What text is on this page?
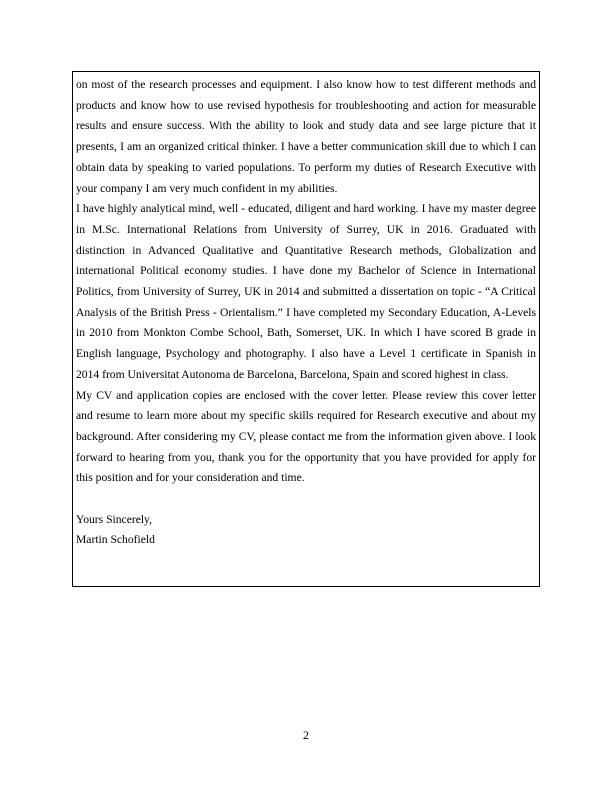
on most of the research processes and equipment. I also know how to test different methods and products and know how to use revised hypothesis for troubleshooting and action for measurable results and ensure success. With the ability to look and study data and see large picture that it presents, I am an organized critical thinker. I have a better communication skill due to which I can obtain data by speaking to varied populations. To perform my duties of Research Executive with your company I am very much confident in my abilities.

I have highly analytical mind, well - educated, diligent and hard working. I have my master degree in M.Sc. International Relations from University of Surrey, UK in 2016. Graduated with distinction in Advanced Qualitative and Quantitative Research methods, Globalization and international Political economy studies. I have done my Bachelor of Science in International Politics, from University of Surrey, UK in 2014 and submitted a dissertation on topic - “A Critical Analysis of the British Press - Orientalism.” I have completed my Secondary Education, A-Levels in 2010 from Monkton Combe School, Bath, Somerset, UK. In which I have scored B grade in English language, Psychology and photography. I also have a Level 1 certificate in Spanish in 2014 from Universitat Autonoma de Barcelona, Barcelona, Spain and scored highest in class.

My CV and application copies are enclosed with the cover letter. Please review this cover letter and resume to learn more about my specific skills required for Research executive and about my background. After considering my CV, please contact me from the information given above. I look forward to hearing from you, thank you for the opportunity that you have provided for apply for this position and for your consideration and time.

Yours Sincerely,

Martin Schofield

2
